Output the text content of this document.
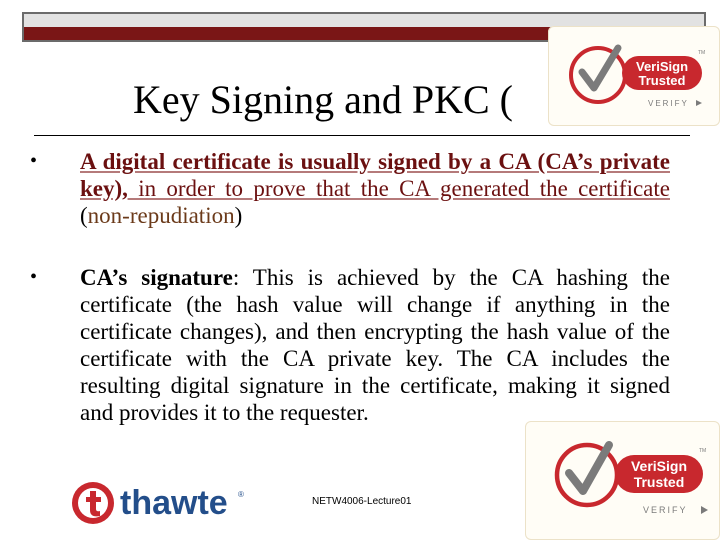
Key Signing and PKC (
VeriSign
Trusted
TM
VERIFY
• A digital certificate is usually signed by a CA (CA’s private key), in order to prove that the CA generated the certificate (non-repudiation)
• CA’s signature: This is achieved by the CA hashing the certificate (the hash value will change if anything in the certificate changes), and then encrypting the hash value of the certificate with the CA private key. The CA includes the resulting digital signature in the certificate, making it signed and provides it to the requester.
thawte ®
NETW4006-Lecture01
VeriSign
Trusted
TM
VERIFY
